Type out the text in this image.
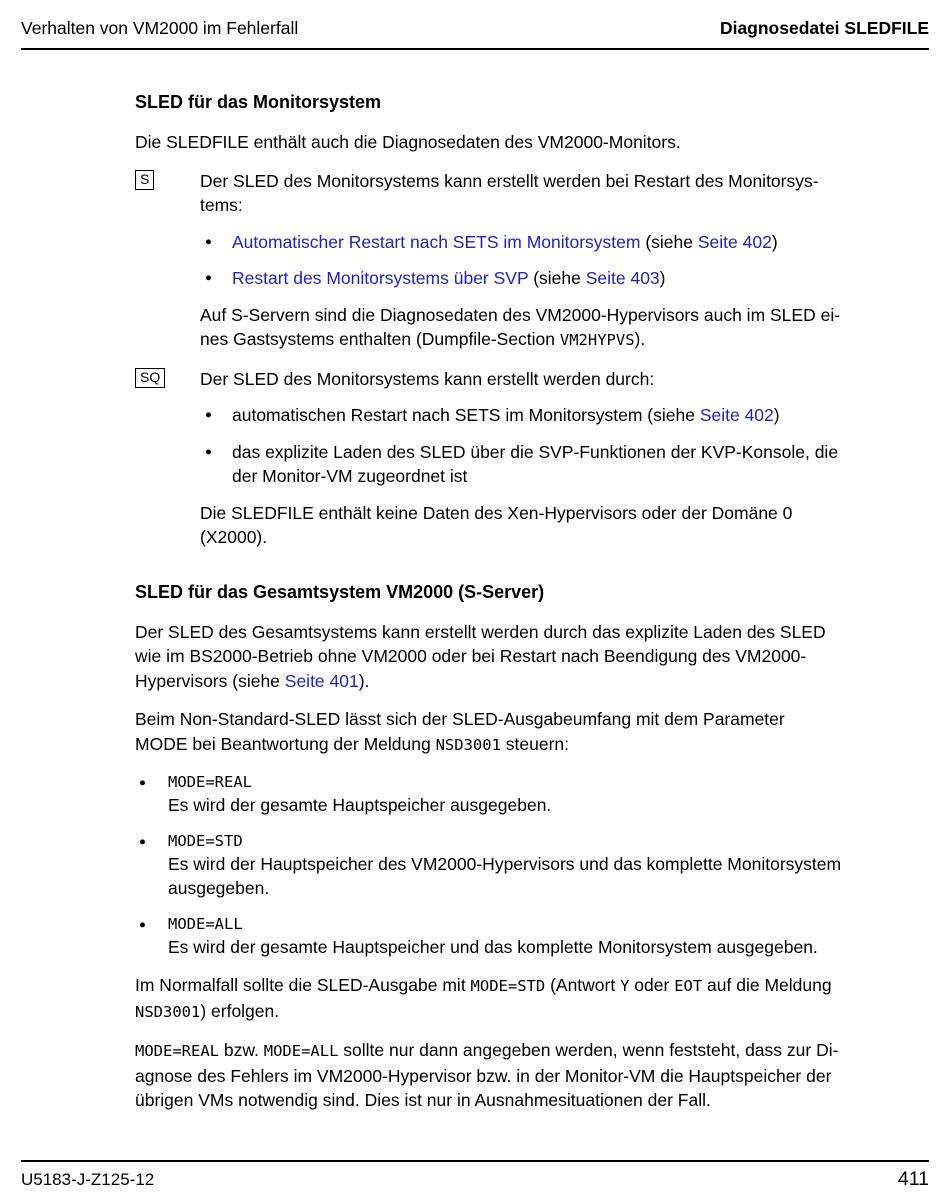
Verhalten von VM2000 im Fehlerfall	Diagnosedatei SLEDFILE
SLED für das Monitorsystem

Die SLEDFILE enthält auch die Diagnosedaten des VM2000-Monitors.

S	Der SLED des Monitorsystems kann erstellt werden bei Restart des Monitorsys-
tems:

●	Automatischer Restart nach SETS im Monitorsystem (siehe Seite 402)
●	Restart des Monitorsystems über SVP (siehe Seite 403)

Auf S-Servern sind die Diagnosedaten des VM2000-Hypervisors auch im SLED ei-
nes Gastsystems enthalten (Dumpfile-Section VM2HYPVS).

SQ	Der SLED des Monitorsystems kann erstellt werden durch:

●	automatischen Restart nach SETS im Monitorsystem (siehe Seite 402)
●	das explizite Laden des SLED über die SVP-Funktionen der KVP-Konsole, die
der Monitor-VM zugeordnet ist

Die SLEDFILE enthält keine Daten des Xen-Hypervisors oder der Domäne 0
(X2000).

SLED für das Gesamtsystem VM2000 (S-Server)

Der SLED des Gesamtsystems kann erstellt werden durch das explizite Laden des SLED
wie im BS2000-Betrieb ohne VM2000 oder bei Restart nach Beendigung des VM2000-
Hypervisors (siehe Seite 401).

Beim Non-Standard-SLED lässt sich der SLED-Ausgabeumfang mit dem Parameter
MODE bei Beantwortung der Meldung NSD3001 steuern:

●	MODE=REAL
Es wird der gesamte Hauptspeicher ausgegeben.
●	MODE=STD
Es wird der Hauptspeicher des VM2000-Hypervisors und das komplette Monitorsystem
ausgegeben.
●	MODE=ALL
Es wird der gesamte Hauptspeicher und das komplette Monitorsystem ausgegeben.

Im Normalfall sollte die SLED-Ausgabe mit MODE=STD (Antwort Y oder EOT auf die Meldung
NSD3001) erfolgen.

MODE=REAL bzw. MODE=ALL sollte nur dann angegeben werden, wenn feststeht, dass zur Di-
agnose des Fehlers im VM2000-Hypervisor bzw. in der Monitor-VM die Hauptspeicher der
übrigen VMs notwendig sind. Dies ist nur in Ausnahmesituationen der Fall.

U5183-J-Z125-12	411
